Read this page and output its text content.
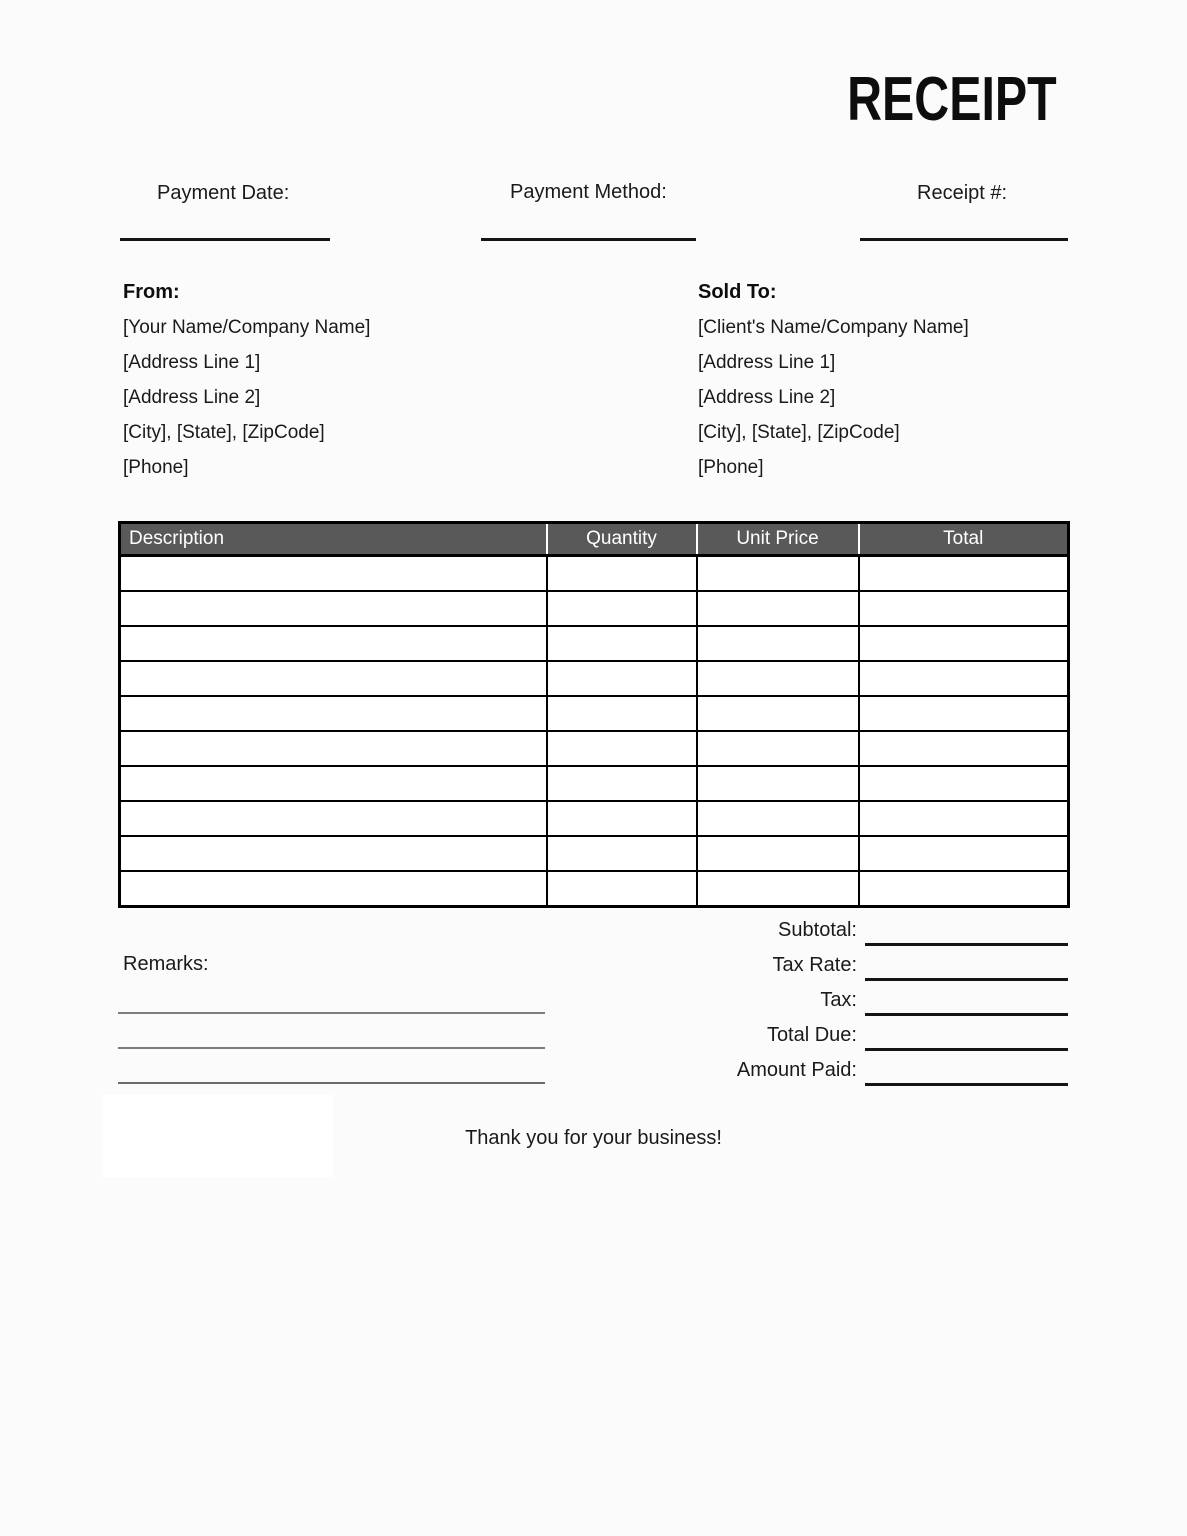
RECEIPT
Payment Date:	Payment Method:	Receipt #:
From:
[Your Name/Company Name]
[Address Line 1]
[Address Line 2]
[City], [State], [ZipCode]
[Phone]
Sold To:
[Client's Name/Company Name]
[Address Line 1]
[Address Line 2]
[City], [State], [ZipCode]
[Phone]
Description	Quantity	Unit Price	Total

Subtotal:
Tax Rate:
Tax:
Total Due:
Amount Paid:
Remarks:
Thank you for your business!
